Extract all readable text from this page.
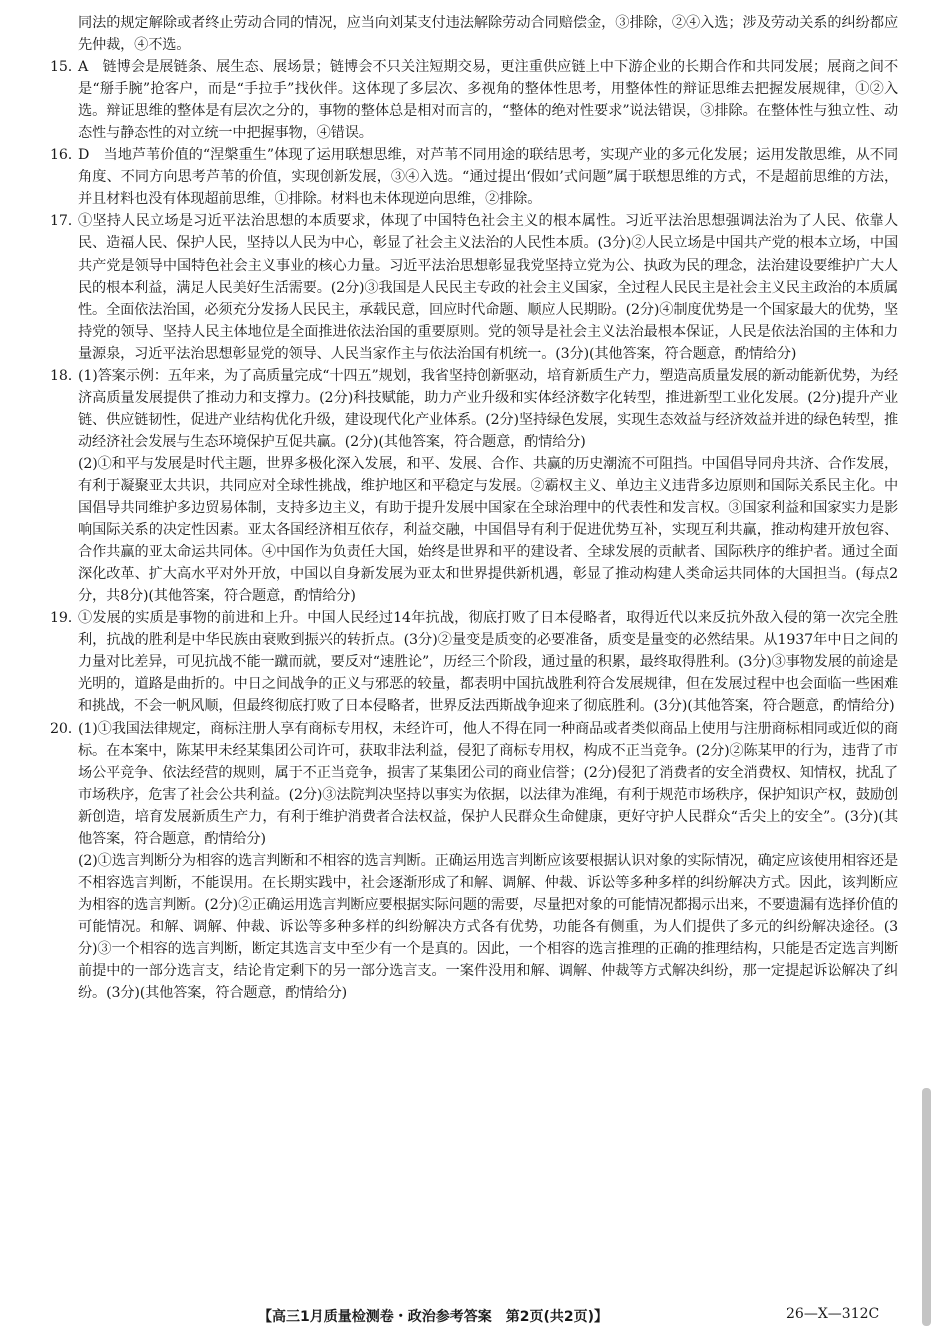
同法的规定解除或者终止劳动合同的情况，应当向刘某支付违法解除劳动合同赔偿金，③排除，②④入选；涉及劳动关系的纠纷都应先仲裁，④不选。

15. A　链博会是展链条、展生态、展场景；链博会不只关注短期交易，更注重供应链上中下游企业的长期合作和共同发展；展商之间不是“掰手腕”抢客户，而是“手拉手”找伙伴。这体现了多层次、多视角的整体性思考，用整体性的辩证思维去把握发展规律，①②入选。辩证思维的整体是有层次之分的，事物的整体总是相对而言的，“整体的绝对性要求”说法错误，③排除。在整体性与独立性、动态性与静态性的对立统一中把握事物，④错误。

16. D　当地芦苇价值的“涅槃重生”体现了运用联想思维，对芦苇不同用途的联结思考，实现产业的多元化发展；运用发散思维，从不同角度、不同方向思考芦苇的价值，实现创新发展，③④入选。“通过提出‘假如’式问题”属于联想思维的方式，不是超前思维的方法，并且材料也没有体现超前思维，①排除。材料也未体现逆向思维，②排除。

17. ①坚持人民立场是习近平法治思想的本质要求，体现了中国特色社会主义的根本属性。习近平法治思想强调法治为了人民、依靠人民、造福人民、保护人民，坚持以人民为中心，彰显了社会主义法治的人民性本质。(3分)②人民立场是中国共产党的根本立场，中国共产党是领导中国特色社会主义事业的核心力量。习近平法治思想彰显我党坚持立党为公、执政为民的理念，法治建设要维护广大人民的根本利益，满足人民美好生活需要。(2分)③我国是人民民主专政的社会主义国家，全过程人民民主是社会主义民主政治的本质属性。全面依法治国，必须充分发扬人民民主，承载民意，回应时代命题、顺应人民期盼。(2分)④制度优势是一个国家最大的优势，坚持党的领导、坚持人民主体地位是全面推进依法治国的重要原则。党的领导是社会主义法治最根本保证，人民是依法治国的主体和力量源泉，习近平法治思想彰显党的领导、人民当家作主与依法治国有机统一。(3分)(其他答案，符合题意，酌情给分)

18. (1)答案示例：五年来，为了高质量完成“十四五”规划，我省坚持创新驱动，培育新质生产力，塑造高质量发展的新动能新优势，为经济高质量发展提供了推动力和支撑力。(2分)科技赋能，助力产业升级和实体经济数字化转型，推进新型工业化发展。(2分)提升产业链、供应链韧性，促进产业结构优化升级，建设现代化产业体系。(2分)坚持绿色发展，实现生态效益与经济效益并进的绿色转型，推动经济社会发展与生态环境保护互促共赢。(2分)(其他答案，符合题意，酌情给分)

(2)①和平与发展是时代主题，世界多极化深入发展，和平、发展、合作、共赢的历史潮流不可阻挡。中国倡导同舟共济、合作发展，有利于凝聚亚太共识，共同应对全球性挑战，维护地区和平稳定与发展。②霸权主义、单边主义违背多边原则和国际关系民主化。中国倡导共同维护多边贸易体制，支持多边主义，有助于提升发展中国家在全球治理中的代表性和发言权。③国家利益和国家实力是影响国际关系的决定性因素。亚太各国经济相互依存，利益交融，中国倡导有利于促进优势互补，实现互利共赢，推动构建开放包容、合作共赢的亚太命运共同体。④中国作为负责任大国，始终是世界和平的建设者、全球发展的贡献者、国际秩序的维护者。通过全面深化改革、扩大高水平对外开放，中国以自身新发展为亚太和世界提供新机遇，彰显了推动构建人类命运共同体的大国担当。(每点2分，共8分)(其他答案，符合题意，酌情给分)

19. ①发展的实质是事物的前进和上升。中国人民经过14年抗战，彻底打败了日本侵略者，取得近代以来反抗外敌入侵的第一次完全胜利，抗战的胜利是中华民族由衰败到振兴的转折点。(3分)②量变是质变的必要准备，质变是量变的必然结果。从1937年中日之间的力量对比差异，可见抗战不能一蹴而就，要反对“速胜论”，历经三个阶段，通过量的积累，最终取得胜利。(3分)③事物发展的前途是光明的，道路是曲折的。中日之间战争的正义与邪恶的较量，都表明中国抗战胜利符合发展规律，但在发展过程中也会面临一些困难和挑战，不会一帆风顺，但最终彻底打败了日本侵略者，世界反法西斯战争迎来了彻底胜利。(3分)(其他答案，符合题意，酌情给分)

20. (1)①我国法律规定，商标注册人享有商标专用权，未经许可，他人不得在同一种商品或者类似商品上使用与注册商标相同或近似的商标。在本案中，陈某甲未经某集团公司许可，获取非法利益，侵犯了商标专用权，构成不正当竞争。(2分)②陈某甲的行为，违背了市场公平竞争、依法经营的规则，属于不正当竞争，损害了某集团公司的商业信誉；(2分)侵犯了消费者的安全消费权、知情权，扰乱了市场秩序，危害了社会公共利益。(2分)③法院判决坚持以事实为依据，以法律为准绳，有利于规范市场秩序，保护知识产权，鼓励创新创造，培育发展新质生产力，有利于维护消费者合法权益，保护人民群众生命健康，更好守护人民群众“舌尖上的安全”。(3分)(其他答案，符合题意，酌情给分)

(2)①选言判断分为相容的选言判断和不相容的选言判断。正确运用选言判断应该要根据认识对象的实际情况，确定应该使用相容还是不相容选言判断，不能误用。在长期实践中，社会逐渐形成了和解、调解、仲裁、诉讼等多种多样的纠纷解决方式。因此，该判断应为相容的选言判断。(2分)②正确运用选言判断应要根据实际问题的需要，尽量把对象的可能情况都揭示出来，不要遗漏有选择价值的可能情况。和解、调解、仲裁、诉讼等多种多样的纠纷解决方式各有优势，功能各有侧重，为人们提供了多元的纠纷解决途径。(3分)③一个相容的选言判断，断定其选言支中至少有一个是真的。因此，一个相容的选言推理的正确的推理结构，只能是否定选言判断前提中的一部分选言支，结论肯定剩下的另一部分选言支。一案件没用和解、调解、仲裁等方式解决纠纷，那一定提起诉讼解决了纠纷。(3分)(其他答案，符合题意，酌情给分)

【高三1月质量检测卷・政治参考答案　第2页(共2页)】	26—X—312C
